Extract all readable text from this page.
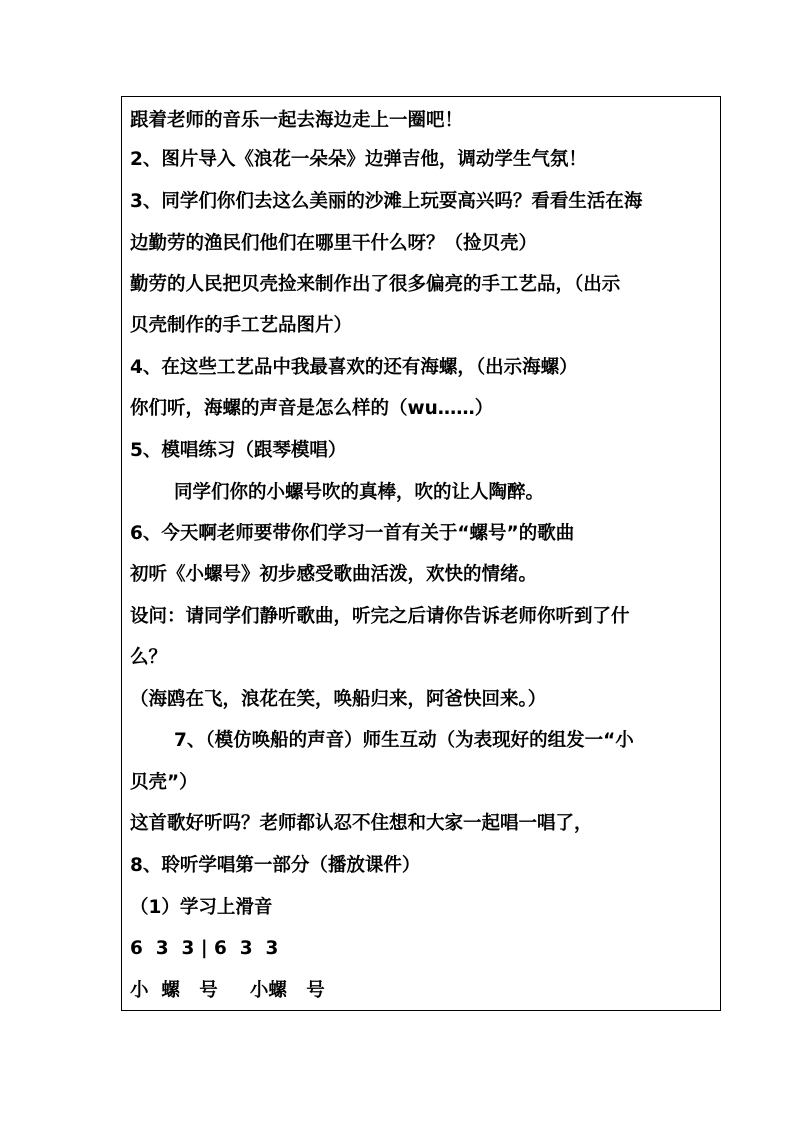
跟着老师的音乐一起去海边走上一圈吧！
2、图片导入《浪花一朵朵》边弹吉他，调动学生气氛！
3、同学们你们去这么美丽的沙滩上玩耍高兴吗？看看生活在海
边勤劳的渔民们他们在哪里干什么呀？（捡贝壳）
勤劳的人民把贝壳捡来制作出了很多偏亮的手工艺品，（出示
贝壳制作的手工艺品图片）
4、在这些工艺品中我最喜欢的还有海螺，（出示海螺）
你们听，海螺的声音是怎么样的（wu……）
5、模唱练习（跟琴模唱）
同学们你的小螺号吹的真棒，吹的让人陶醉。
6、今天啊老师要带你们学习一首有关于“螺号”的歌曲
初听《小螺号》初步感受歌曲活泼，欢快的情绪。
设问：请同学们静听歌曲，听完之后请你告诉老师你听到了什
么？
（海鸥在飞，浪花在笑，唤船归来，阿爸快回来。）
7、（模仿唤船的声音）师生互动（为表现好的组发一“小
贝壳”）
这首歌好听吗？老师都认忍不住想和大家一起唱一唱了，
8、聆听学唱第一部分（播放课件）
（1）学习上滑音
6  3  3 | 6  3  3
小  螺   号     小螺   号
